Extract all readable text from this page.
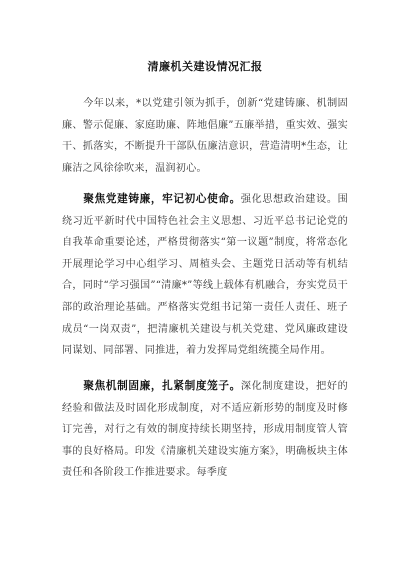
清廉机关建设情况汇报

今年以来，*以党建引领为抓手，创新“党建铸廉、机制固廉、警示促廉、家庭助廉、阵地倡廉”五廉举措，重实效、强实干、抓落实，不断提升干部队伍廉洁意识，营造清明*生态，让廉洁之风徐徐吹来，温润初心。

聚焦党建铸廉，牢记初心使命。强化思想政治建设。围绕习近平新时代中国特色社会主义思想、习近平总书记论党的自我革命重要论述，严格贯彻落实“第一议题”制度，将常态化开展理论学习中心组学习、周植头会、主题党日活动等有机结合，同时“学习强国”“清廉*”等线上载体有机融合，夯实党员干部的政治理论基础。严格落实党组书记第一责任人责任、班子成员“一岗双责”，把清廉机关建设与机关党建、党风廉政建设同谋划、同部署、同推进，着力发挥局党组统揽全局作用。

聚焦机制固廉，扎紧制度笼子。深化制度建设，把好的经验和做法及时固化形成制度，对不适应新形势的制度及时修订完善，对行之有效的制度持续长期坚持，形成用制度管人管事的良好格局。印发《清廉机关建设实施方案》，明确板块主体责任和各阶段工作推进要求。每季度
